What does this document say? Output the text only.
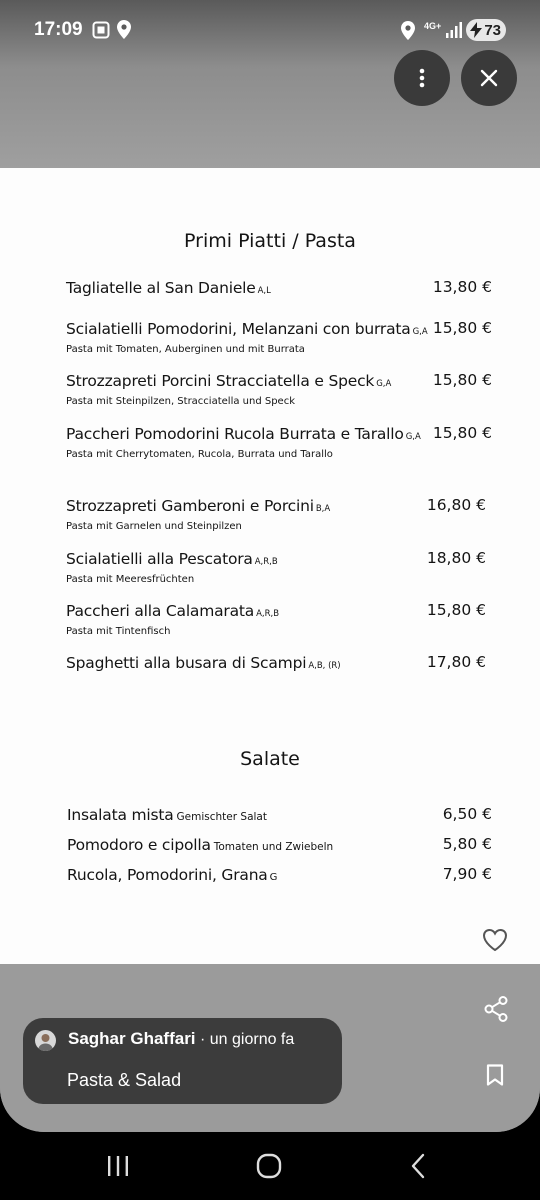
17:09	4G+	73
Primi Piatti / Pasta
Tagliatelle al San Daniele A,L	13,80 €
Scialatielli Pomodorini, Melanzani con burrata G,A 15,80 €
Pasta mit Tomaten, Auberginen und mit Burrata
Strozzapreti Porcini Stracciatella e Speck G,A	15,80 €
Pasta mit Steinpilzen, Stracciatella und Speck
Paccheri Pomodorini Rucola Burrata e Tarallo G,A 15,80 €
Pasta mit Cherrytomaten, Rucola, Burrata und Tarallo
Strozzapreti Gamberoni e Porcini B,A	16,80 €
Pasta mit Garnelen und Steinpilzen
Scialatielli alla Pescatora A,R,B	18,80 €
Pasta mit Meeresfrüchten
Paccheri alla Calamarata A,R,B	15,80 €
Pasta mit Tintenfisch
Spaghetti alla busara di Scampi A,B, (R)	17,80 €
Salate
Insalata mista Gemischter Salat	6,50 €
Pomodoro e cipolla Tomaten und Zwiebeln	5,80 €
Rucola, Pomodorini, Grana G	7,90 €
Saghar Ghaffari · un giorno fa
Pasta & Salad
